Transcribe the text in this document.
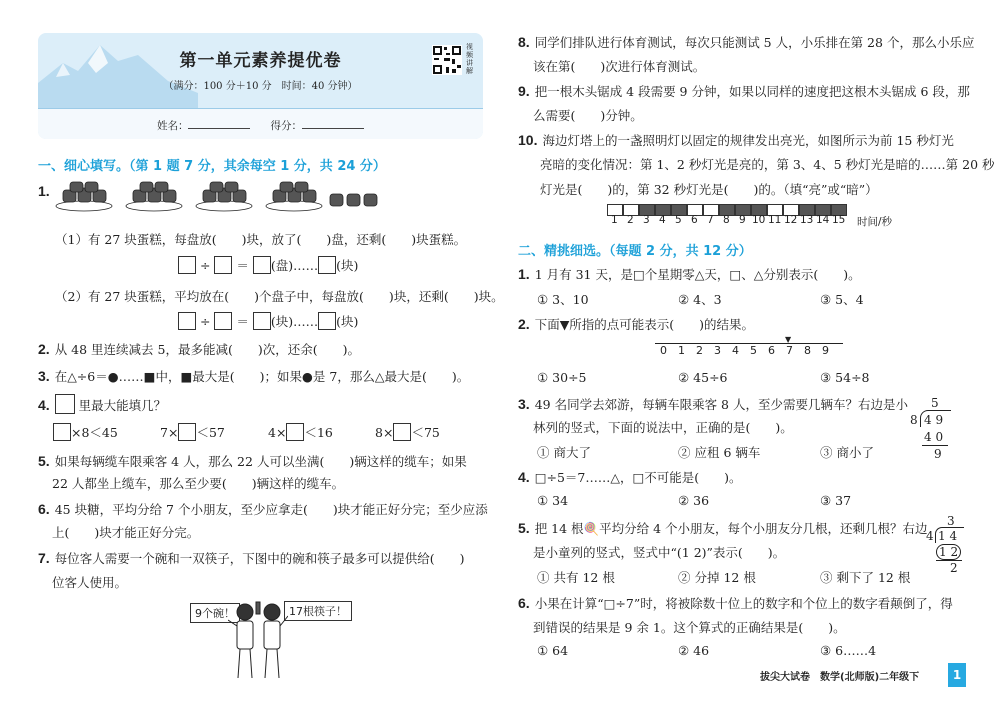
第一单元素养提优卷
（满分：100 分＋10 分　时间：40 分钟）
视频讲解
姓名：	得分：
一、细心填写。（第 1 题 7 分，其余每空 1 分，共 24 分）
1.
（1）有 27 块蛋糕，每盘放(　　)块，放了(　　)盘，还剩(　　)块蛋糕。
÷  ＝ (盘)…… (块)
（2）有 27 块蛋糕，平均放在(　　)个盘子中，每盘放(　　)块，还剩(　　)块。
÷  ＝ (块)…… (块)
2. 从 48 里连续减去 5，最多能减(　　)次，还余(　　)。
3. 在△÷6＝●……■中，■最大是(　　)；如果●是 7，那么△最大是(　　)。
4. 里最大能填几？
×8＜45	7× ＜57	4× ＜16	8× ＜75
5. 如果每辆缆车限乘客 4 人，那么 22 人可以坐满(　　)辆这样的缆车；如果
22 人都坐上缆车，那么至少要(　　)辆这样的缆车。
6. 45 块糖，平均分给 7 个小朋友，至少应拿走(　　)块才能正好分完；至少应添
上(　　)块才能正好分完。
7. 每位客人需要一个碗和一双筷子，下图中的碗和筷子最多可以提供给(　　)
位客人使用。
9个碗！	17根筷子！
8. 同学们排队进行体育测试，每次只能测试 5 人，小乐排在第 28 个，那么小乐应
该在第(　　)次进行体育测试。
9. 把一根木头锯成 4 段需要 9 分钟，如果以同样的速度把这根木头锯成 6 段，那
么需要(　　)分钟。
10. 海边灯塔上的一盏照明灯以固定的规律发出亮光，如图所示为前 15 秒灯光
亮暗的变化情况：第 1、2 秒灯光是亮的，第 3、4、5 秒灯光是暗的……第 20 秒
灯光是(　　)的，第 32 秒灯光是(　　)的。（填“亮”或“暗”）
1 2 3 4 5 6 7 8 9 10 11 12 13 14 15 时间/秒
二、精挑细选。（每题 2 分，共 12 分）
1. 1 月有 31 天，是□个星期零△天，□、△分别表示(　　)。
① 3、10	② 4、3	③ 5、4
2. 下面▼所指的点可能表示(　　)的结果。
▼
0 1 2 3 4 5 6 7 8 9
① 30÷5	② 45÷6	③ 54÷8
3. 49 名同学去郊游，每辆车限乘客 8 人，至少需要几辆车？右边是小
林列的竖式，下面的说法中，正确的是(　　)。
① 商大了	② 应租 6 辆车	③ 商小了
5
8 4 9
4 0
9
4. □÷5＝7……△，□不可能是(　　)。
① 34	② 36	③ 37
5. 把 14 根🍭平均分给 4 个小朋友，每个小朋友分几根，还剩几根？右边
是小童列的竖式，竖式中“(1 2)”表示(　　)。
① 共有 12 根	② 分掉 12 根	③ 剩下了 12 根
3
4 1 4
1 2
2
6. 小果在计算“□÷7”时，将被除数十位上的数字和个位上的数字看颠倒了，得
到错误的结果是 9 余 1。这个算式的正确结果是(　　)。
① 64	② 46	③ 6……4
拔尖大试卷　数学(北师版)二年级下	1
